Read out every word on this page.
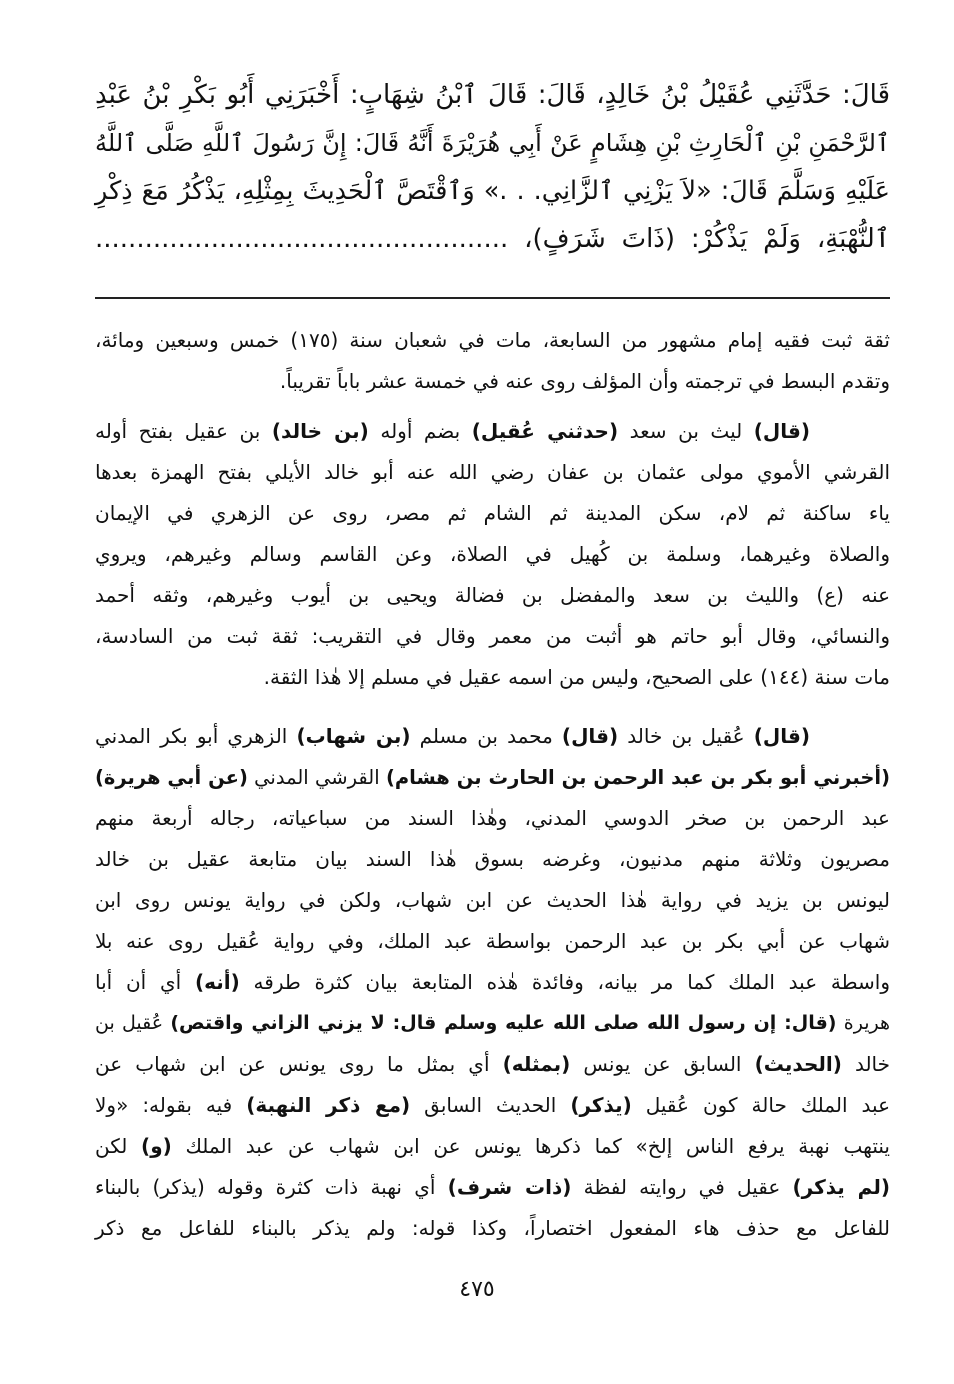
قَالَ: حَدَّثَنِي عُقَيْلُ بْنُ خَالِدٍ، قَالَ: قَالَ ٱبْنُ شِهَابٍ: أَخْبَرَنِي أَبُو بَكْرِ بْنُ عَبْدِ
ٱلرَّحْمَنِ بْنِ ٱلْحَارِثِ بْنِ هِشَامٍ عَنْ أَبِي هُرَيْرَةَ أَنَّهُ قَالَ: إِنَّ رَسُولَ ٱللَّهِ صَلَّى ٱللَّهُ
عَلَيْهِ وَسَلَّمَ قَالَ: «لاَ يَزْنِي ٱلزَّانِي. . .» وَٱقْتَصَّ ٱلْحَدِيثَ بِمِثْلِهِ، يَذْكُرُ مَعَ ذِكْرِ
ٱلنُّهْبَةِ، وَلَمْ يَذْكُرْ: (ذَاتَ شَرَفٍ)، ..................................................
ثقة ثبت فقيه إمام مشهور من السابعة، مات في شعبان سنة (١٧٥) خمس وسبعين ومائة،
وتقدم البسط في ترجمته وأن المؤلف روى عنه في خمسة عشر باباً تقريباً.
(قال) ليث بن سعد (حدثني عُقيل) بضم أوله (بن خالد) بن عقيل بفتح أوله
القرشي الأموي مولى عثمان بن عفان رضي الله عنه أبو خالد الأيلي بفتح الهمزة بعدها
ياء ساكنة ثم لام، سكن المدينة ثم الشام ثم مصر، روى عن الزهري في الإيمان
والصلاة وغيرهما، وسلمة بن كُهيل في الصلاة، وعن القاسم وسالم وغيرهم، ويروي
عنه (ع) والليث بن سعد والمفضل بن فضالة ويحيى بن أيوب وغيرهم، وثقه أحمد
والنسائي، وقال أبو حاتم هو أثبت من معمر وقال في التقريب: ثقة ثبت من السادسة،
مات سنة (١٤٤) على الصحيح، وليس من اسمه عقيل في مسلم إلا هٰذا الثقة.
(قال) عُقيل بن خالد (قال) محمد بن مسلم (بن شهاب) الزهري أبو بكر المدني
(أخبرني أبو بكر بن عبد الرحمن بن الحارث بن هشام) القرشي المدني (عن أبي هريرة)
عبد الرحمن بن صخر الدوسي المدني، وهٰذا السند من سباعياته، رجاله أربعة منهم
مصريون وثلاثة منهم مدنيون، وغرضه بسوق هٰذا السند بيان متابعة عقيل بن خالد
ليونس بن يزيد في رواية هٰذا الحديث عن ابن شهاب، ولكن في رواية يونس روى ابن
شهاب عن أبي بكر بن عبد الرحمن بواسطة عبد الملك، وفي رواية عُقيل روى عنه بلا
واسطة عبد الملك كما مر بيانه، وفائدة هٰذه المتابعة بيان كثرة طرقه (أنه) أي أن أبا
هريرة (قال: إن رسول الله صلى الله عليه وسلم قال: لا يزني الزاني واقتص) عُقيل بن
خالد (الحديث) السابق عن يونس (بمثله) أي بمثل ما روى يونس عن ابن شهاب عن
عبد الملك حالة كون عُقيل (يذكر) الحديث السابق (مع ذكر النهبة) فيه بقوله: «ولا
ينتهب نهبة يرفع الناس إلخ» كما ذكرها يونس عن ابن شهاب عن عبد الملك (و) لكن
(لم يذكر) عقيل في روايته لفظة (ذات شرف) أي نهبة ذات كثرة وقوله (يذكر) بالبناء
للفاعل مع حذف هاء المفعول اختصاراً، وكذا قوله: ولم يذكر بالبناء للفاعل مع ذكر
٤٧٥
